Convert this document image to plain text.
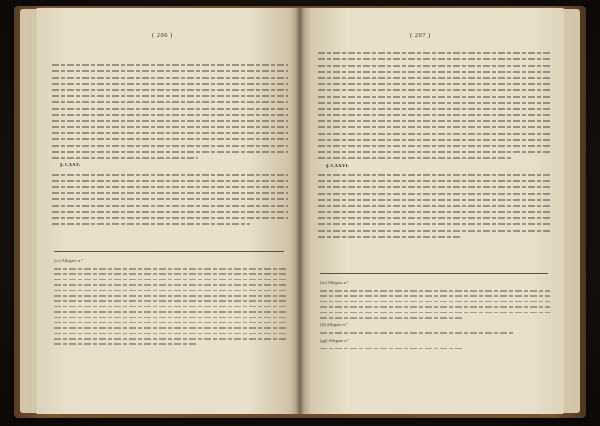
( 206 )
§. CXXV.
(cc) Allegato n.º
( 207 )
§. CXXVI.
(ee) Allegato n.º
(ff) Allegato n.º
(gg) Allegato n.º
